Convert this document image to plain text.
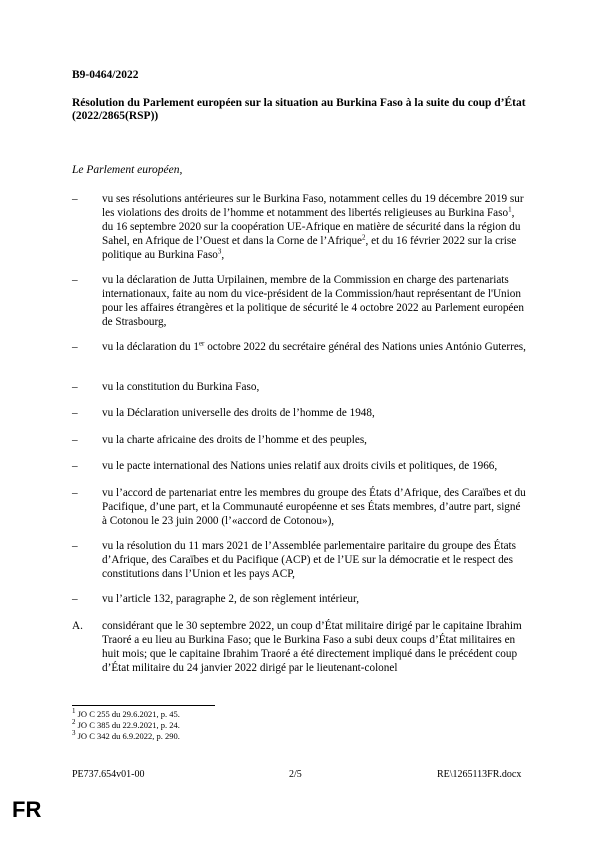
B9-0464/2022
Résolution du Parlement européen sur la situation au Burkina Faso à la suite du coup d’État
(2022/2865(RSP))
Le Parlement européen,
–	vu ses résolutions antérieures sur le Burkina Faso, notamment celles du 19 décembre 2019 sur les violations des droits de l’homme et notamment des libertés religieuses au Burkina Faso$^1$, du 16 septembre 2020 sur la coopération UE-Afrique en matière de sécurité dans la région du Sahel, en Afrique de l’Ouest et dans la Corne de l’Afrique$^2$, et du 16 février 2022 sur la crise politique au Burkina Faso$^3$,
–	vu la déclaration de Jutta Urpilainen, membre de la Commission en charge des partenariats internationaux, faite au nom du vice-président de la Commission/haut représentant de l'Union pour les affaires étrangères et la politique de sécurité le 4 octobre 2022 au Parlement européen de Strasbourg,
–	vu la déclaration du 1er octobre 2022 du secrétaire général des Nations unies António Guterres,
–	vu la constitution du Burkina Faso,
–	vu la Déclaration universelle des droits de l’homme de 1948,
–	vu la charte africaine des droits de l’homme et des peuples,
–	vu le pacte international des Nations unies relatif aux droits civils et politiques, de 1966,
–	vu l’accord de partenariat entre les membres du groupe des États d’Afrique, des Caraïbes et du Pacifique, d’une part, et la Communauté européenne et ses États membres, d’autre part, signé à Cotonou le 23 juin 2000 (l’«accord de Cotonou»),
–	vu la résolution du 11 mars 2021 de l’Assemblée parlementaire paritaire du groupe des États d’Afrique, des Caraïbes et du Pacifique (ACP) et de l’UE sur la démocratie et le respect des constitutions dans l’Union et les pays ACP,
–	vu l’article 132, paragraphe 2, de son règlement intérieur,
A.	considérant que le 30 septembre 2022, un coup d’État militaire dirigé par le capitaine Ibrahim Traoré a eu lieu au Burkina Faso; que le Burkina Faso a subi deux coups d’État militaires en huit mois; que le capitaine Ibrahim Traoré a été directement impliqué dans le précédent coup d’État militaire du 24 janvier 2022 dirigé par le lieutenant-colonel
$^1$ JO C 255 du 29.6.2021, p. 45.
$^2$ JO C 385 du 22.9.2021, p. 24.
$^3$ JO C 342 du 6.9.2022, p. 290.
PE737.654v01-00	2/5	RE\1265113FR.docx
FR
